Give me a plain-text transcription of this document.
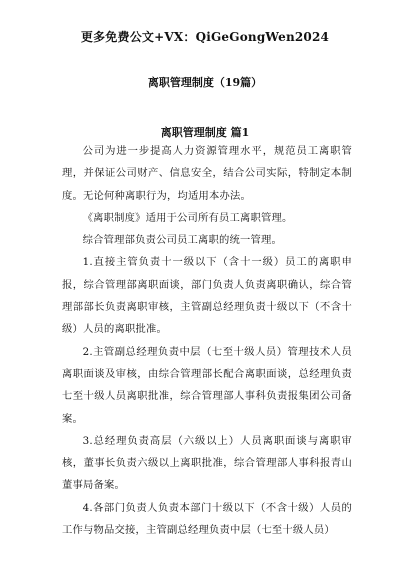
更多免费公文+VX：QiGeGongWen2024
离职管理制度（19篇）
离职管理制度 篇1

公司为进一步提高人力资源管理水平，规范员工离职管理，并保证公司财产、信息安全，结合公司实际，特制定本制度。无论何种离职行为，均适用本办法。

《离职制度》适用于公司所有员工离职管理。

综合管理部负责公司员工离职的统一管理。

1.直接主管负责十一级以下（含十一级）员工的离职申报，综合管理部离职面谈，部门负责人负责离职确认，综合管理部部长负责离职审核，主管副总经理负责十级以下（不含十级）人员的离职批准。

2.主管副总经理负责中层（七至十级人员）管理技术人员离职面谈及审核，由综合管理部长配合离职面谈，总经理负责七至十级人员离职批准，综合管理部人事科负责报集团公司备案。

3.总经理负责高层（六级以上）人员离职面谈与离职审核，董事长负责六级以上离职批准，综合管理部人事科报青山董事局备案。

4.各部门负责人负责本部门十级以下（不含十级）人员的工作与物品交接，主管副总经理负责中层（七至十级人员）
